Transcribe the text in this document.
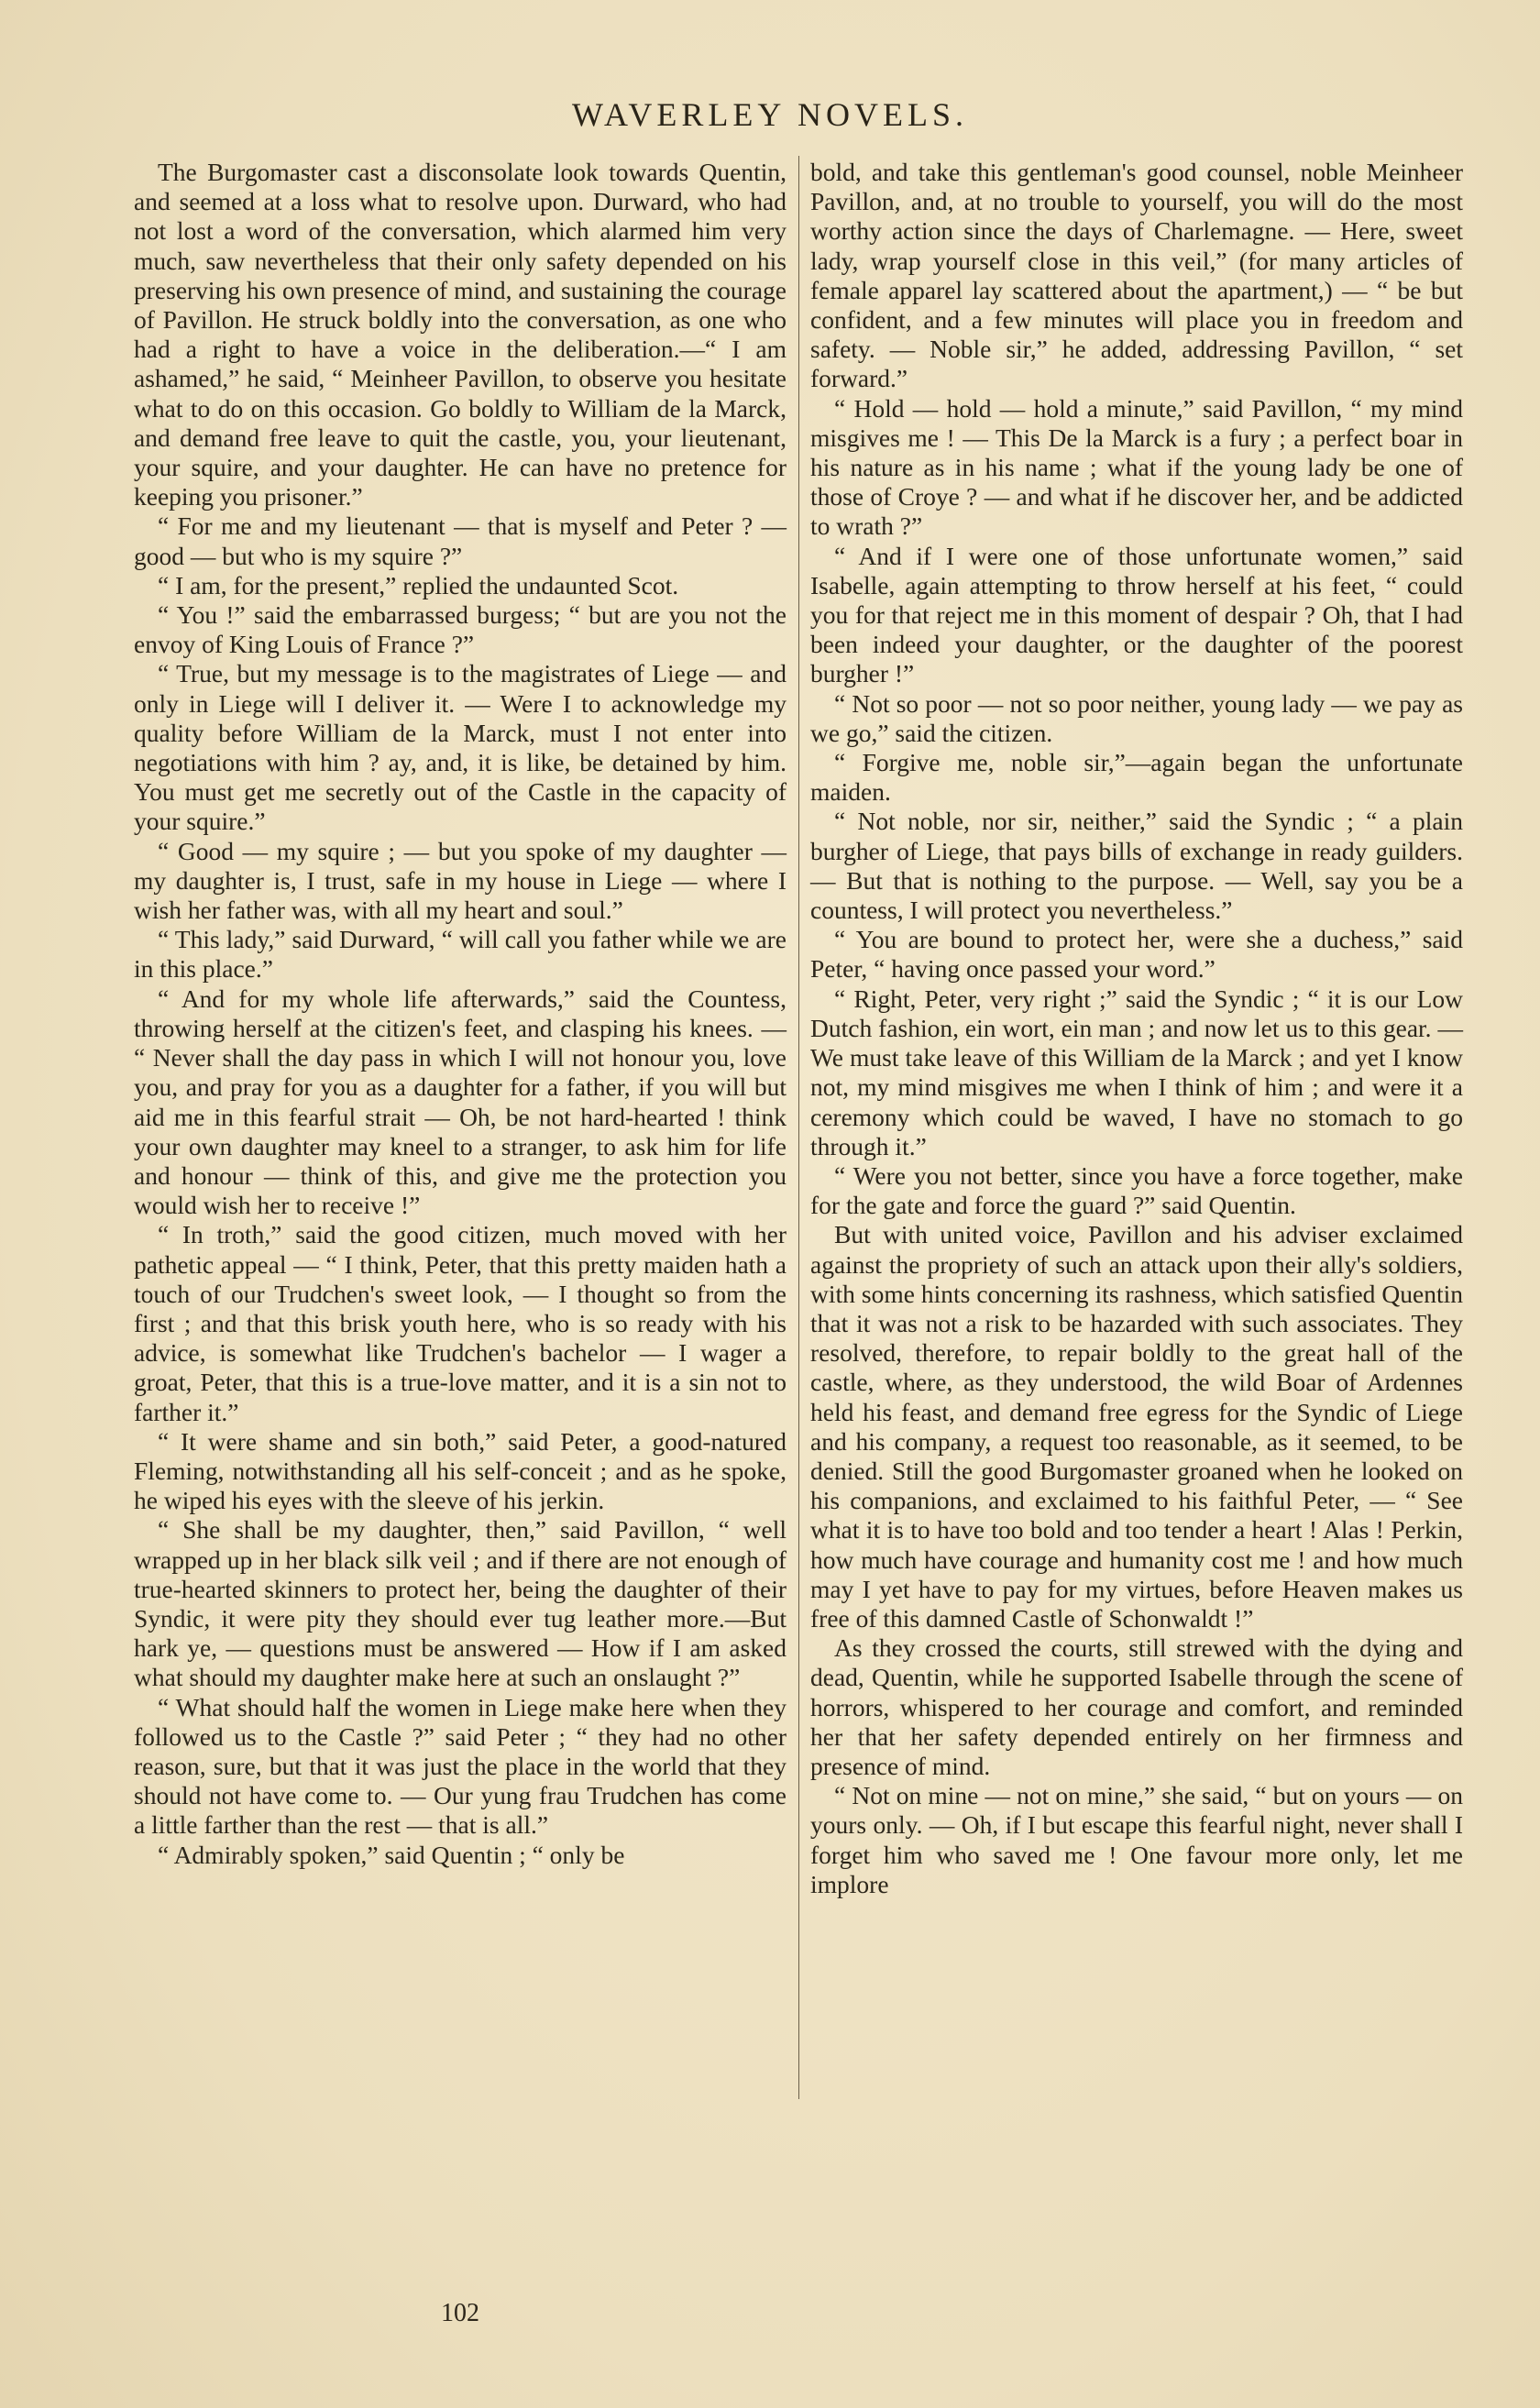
WAVERLEY NOVELS.

The Burgomaster cast a disconsolate look towards Quentin, and seemed at a loss what to resolve upon. Durward, who had not lost a word of the conversation, which alarmed him very much, saw nevertheless that their only safety depended on his preserving his own presence of mind, and sustaining the courage of Pavillon. He struck boldly into the conversation, as one who had a right to have a voice in the deliberation.—“ I am ashamed,” he said, “ Meinheer Pavillon, to observe you hesitate what to do on this occasion. Go boldly to William de la Marck, and demand free leave to quit the castle, you, your lieutenant, your squire, and your daughter. He can have no pretence for keeping you prisoner.”

“ For me and my lieutenant — that is myself and Peter ? — good — but who is my squire ?”

“ I am, for the present,” replied the undaunted Scot.

“ You !” said the embarrassed burgess; “ but are you not the envoy of King Louis of France ?”

“ True, but my message is to the magistrates of Liege — and only in Liege will I deliver it. — Were I to acknowledge my quality before William de la Marck, must I not enter into negotiations with him ? ay, and, it is like, be detained by him. You must get me secretly out of the Castle in the capacity of your squire.”

“ Good — my squire ; — but you spoke of my daughter — my daughter is, I trust, safe in my house in Liege — where I wish her father was, with all my heart and soul.”

“ This lady,” said Durward, “ will call you father while we are in this place.”

“ And for my whole life afterwards,” said the Countess, throwing herself at the citizen's feet, and clasping his knees. — “ Never shall the day pass in which I will not honour you, love you, and pray for you as a daughter for a father, if you will but aid me in this fearful strait — Oh, be not hard-hearted ! think your own daughter may kneel to a stranger, to ask him for life and honour — think of this, and give me the protection you would wish her to receive !”

“ In troth,” said the good citizen, much moved with her pathetic appeal — “ I think, Peter, that this pretty maiden hath a touch of our Trudchen's sweet look, — I thought so from the first ; and that this brisk youth here, who is so ready with his advice, is somewhat like Trudchen's bachelor — I wager a groat, Peter, that this is a true-love matter, and it is a sin not to farther it.”

“ It were shame and sin both,” said Peter, a good-natured Fleming, notwithstanding all his self-conceit ; and as he spoke, he wiped his eyes with the sleeve of his jerkin.

“ She shall be my daughter, then,” said Pavillon, “ well wrapped up in her black silk veil ; and if there are not enough of true-hearted skinners to protect her, being the daughter of their Syndic, it were pity they should ever tug leather more.—But hark ye, — questions must be answered — How if I am asked what should my daughter make here at such an onslaught ?”

“ What should half the women in Liege make here when they followed us to the Castle ?” said Peter ; “ they had no other reason, sure, but that it was just the place in the world that they should not have come to. — Our yung frau Trudchen has come a little farther than the rest — that is all.”

“ Admirably spoken,” said Quentin ; “ only be

bold, and take this gentleman's good counsel, noble Meinheer Pavillon, and, at no trouble to yourself, you will do the most worthy action since the days of Charlemagne. — Here, sweet lady, wrap yourself close in this veil,” (for many articles of female apparel lay scattered about the apartment,) — “ be but confident, and a few minutes will place you in freedom and safety. — Noble sir,” he added, addressing Pavillon, “ set forward.”

“ Hold — hold — hold a minute,” said Pavillon, “ my mind misgives me ! — This De la Marck is a fury ; a perfect boar in his nature as in his name ; what if the young lady be one of those of Croye ? — and what if he discover her, and be addicted to wrath ?”

“ And if I were one of those unfortunate women,” said Isabelle, again attempting to throw herself at his feet, “ could you for that reject me in this moment of despair ? Oh, that I had been indeed your daughter, or the daughter of the poorest burgher !”

“ Not so poor — not so poor neither, young lady — we pay as we go,” said the citizen.

“ Forgive me, noble sir,”—again began the unfortunate maiden.

“ Not noble, nor sir, neither,” said the Syndic ; “ a plain burgher of Liege, that pays bills of exchange in ready guilders. — But that is nothing to the purpose. — Well, say you be a countess, I will protect you nevertheless.”

“ You are bound to protect her, were she a duchess,” said Peter, “ having once passed your word.”

“ Right, Peter, very right ;” said the Syndic ; “ it is our Low Dutch fashion, ein wort, ein man ; and now let us to this gear. — We must take leave of this William de la Marck ; and yet I know not, my mind misgives me when I think of him ; and were it a ceremony which could be waved, I have no stomach to go through it.”

“ Were you not better, since you have a force together, make for the gate and force the guard ?” said Quentin.

But with united voice, Pavillon and his adviser exclaimed against the propriety of such an attack upon their ally's soldiers, with some hints concerning its rashness, which satisfied Quentin that it was not a risk to be hazarded with such associates. They resolved, therefore, to repair boldly to the great hall of the castle, where, as they understood, the wild Boar of Ardennes held his feast, and demand free egress for the Syndic of Liege and his company, a request too reasonable, as it seemed, to be denied. Still the good Burgomaster groaned when he looked on his companions, and exclaimed to his faithful Peter, — “ See what it is to have too bold and too tender a heart ! Alas ! Perkin, how much have courage and humanity cost me ! and how much may I yet have to pay for my virtues, before Heaven makes us free of this damned Castle of Schonwaldt !”

As they crossed the courts, still strewed with the dying and dead, Quentin, while he supported Isabelle through the scene of horrors, whispered to her courage and comfort, and reminded her that her safety depended entirely on her firmness and presence of mind.

“ Not on mine — not on mine,” she said, “ but on yours — on yours only. — Oh, if I but escape this fearful night, never shall I forget him who saved me ! One favour more only, let me implore

102
